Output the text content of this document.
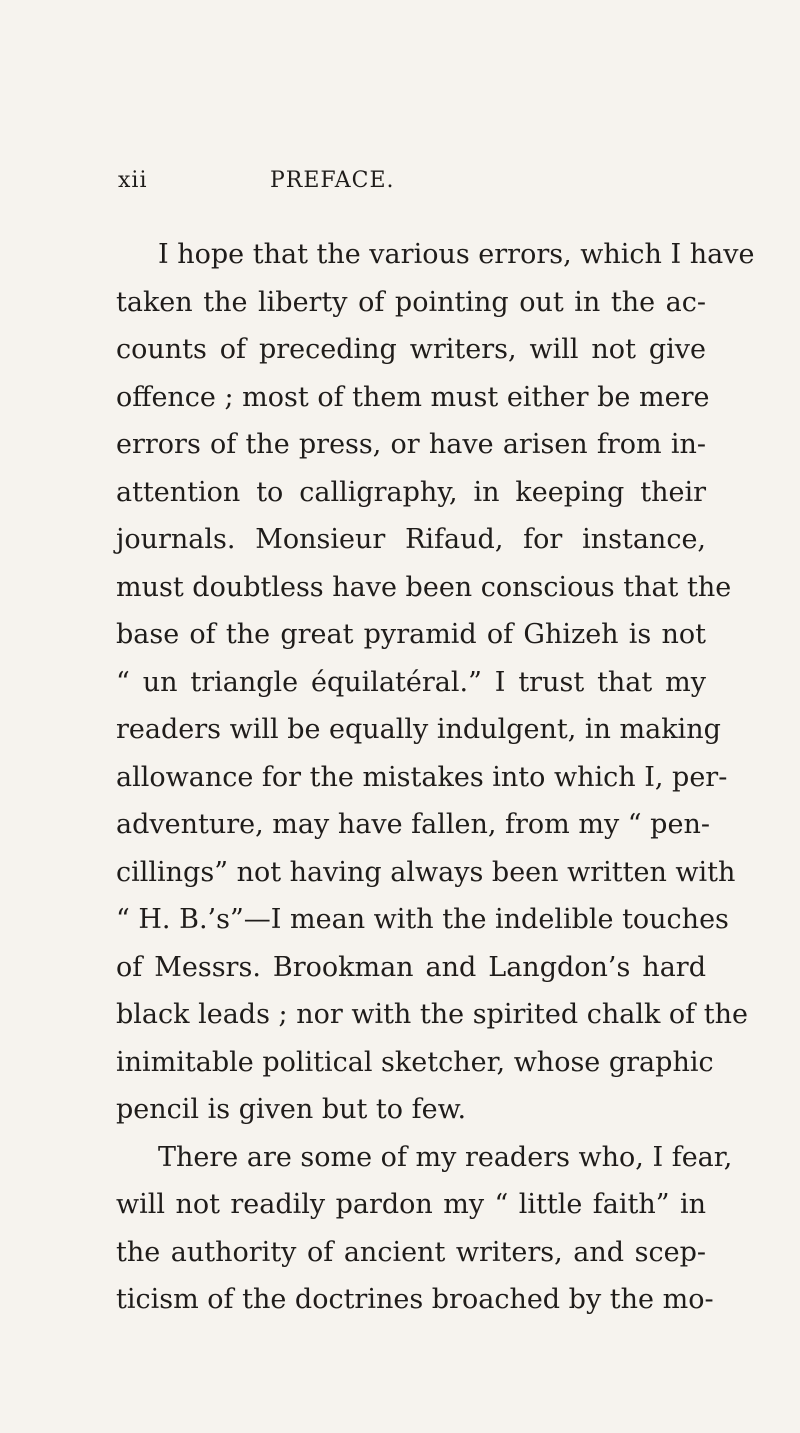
xii	PREFACE.
I hope that the various errors, which I have
taken the liberty of pointing out in the ac-
counts of preceding writers, will not give
offence ; most of them must either be mere
errors of the press, or have arisen from in-
attention to calligraphy, in keeping their
journals. Monsieur Rifaud, for instance,
must doubtless have been conscious that the
base of the great pyramid of Ghizeh is not
“ un triangle équilatéral.” I trust that my
readers will be equally indulgent, in making
allowance for the mistakes into which I, per-
adventure, may have fallen, from my “ pen-
cillings” not having always been written with
“ H. B.’s”—I mean with the indelible touches
of Messrs. Brookman and Langdon’s hard
black leads ; nor with the spirited chalk of the
inimitable political sketcher, whose graphic
pencil is given but to few.
There are some of my readers who, I fear,
will not readily pardon my “ little faith” in
the authority of ancient writers, and scep-
ticism of the doctrines broached by the mo-
